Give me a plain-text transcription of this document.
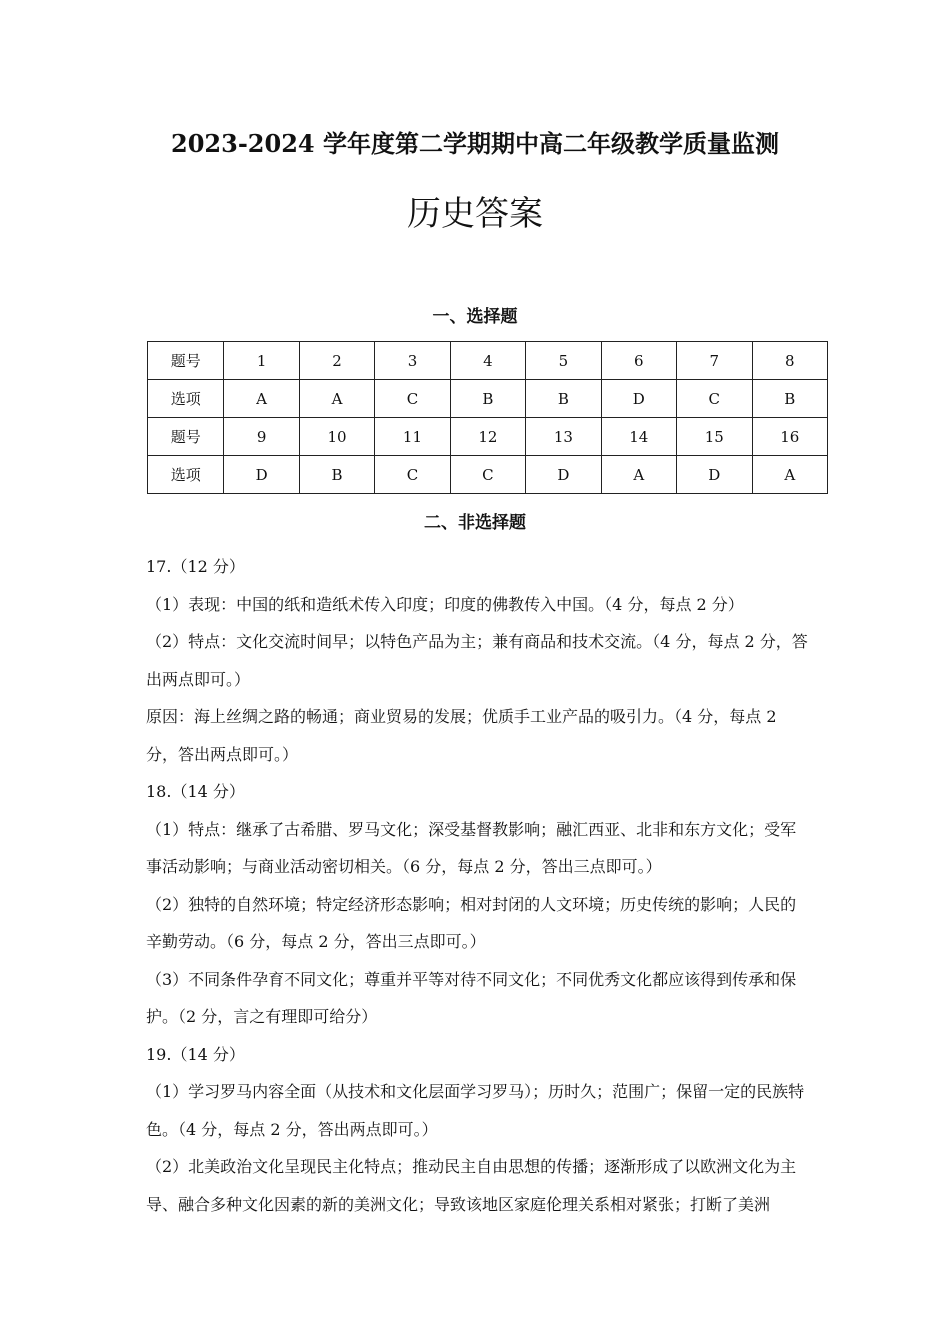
2023-2024 学年度第二学期期中高二年级教学质量监测
历史答案
一、选择题
题号	1	2	3	4	5	6	7	8
选项	A	A	C	B	B	D	C	B
题号	9	10	11	12	13	14	15	16
选项	D	B	C	C	D	A	D	A
二、非选择题

17.（12 分）

（1）表现：中国的纸和造纸术传入印度；印度的佛教传入中国。（4 分，每点 2 分）

（2）特点：文化交流时间早；以特色产品为主；兼有商品和技术交流。（4 分，每点 2 分，答出两点即可。）

原因：海上丝绸之路的畅通；商业贸易的发展；优质手工业产品的吸引力。（4 分，每点 2 分，答出两点即可。）

18.（14 分）

（1）特点：继承了古希腊、罗马文化；深受基督教影响；融汇西亚、北非和东方文化；受军事活动影响；与商业活动密切相关。（6 分，每点 2 分，答出三点即可。）

（2）独特的自然环境；特定经济形态影响；相对封闭的人文环境；历史传统的影响；人民的辛勤劳动。（6 分，每点 2 分，答出三点即可。）

（3）不同条件孕育不同文化；尊重并平等对待不同文化；不同优秀文化都应该得到传承和保护。（2 分，言之有理即可给分）

19.（14 分）

（1）学习罗马内容全面（从技术和文化层面学习罗马）；历时久；范围广；保留一定的民族特色。（4 分，每点 2 分，答出两点即可。）

（2）北美政治文化呈现民主化特点；推动民主自由思想的传播；逐渐形成了以欧洲文化为主导、融合多种文化因素的新的美洲文化；导致该地区家庭伦理关系相对紧张；打断了美洲
